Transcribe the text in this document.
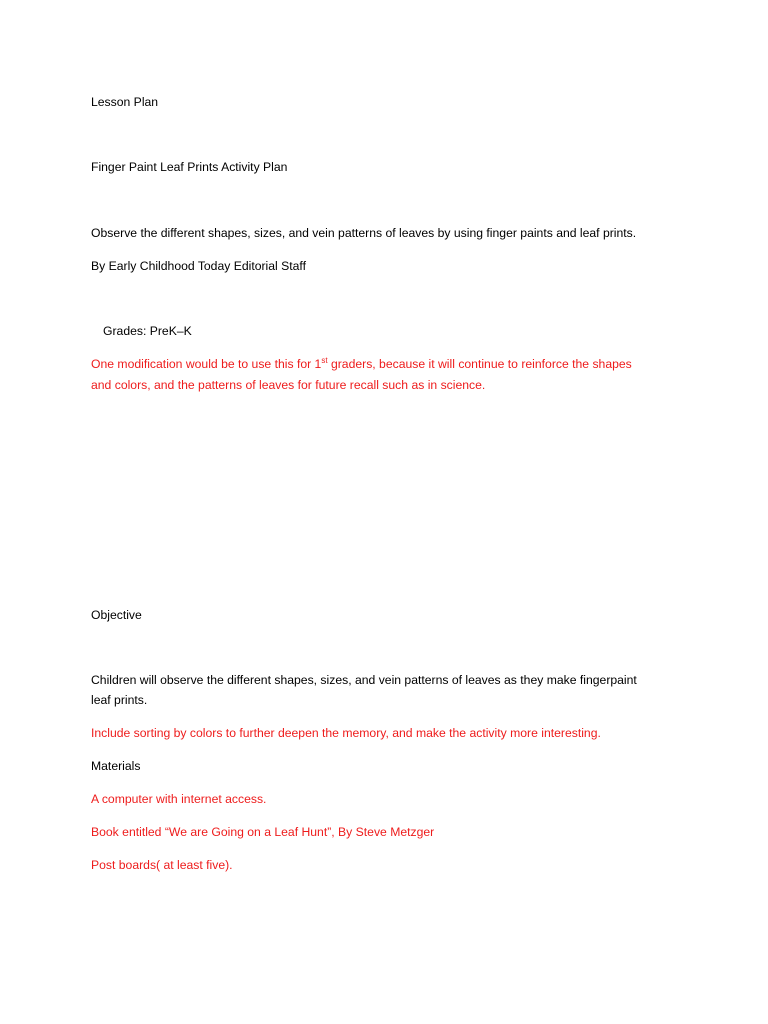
Lesson Plan
Finger Paint Leaf Prints Activity Plan
Observe the different shapes, sizes, and vein patterns of leaves by using finger paints and leaf prints.
By Early Childhood Today Editorial Staff
Grades: PreK–K
One modification would be to use this for 1st graders, because it will continue to reinforce the shapes
and colors, and the patterns of leaves for future recall such as in science.
Objective
Children will observe the different shapes, sizes, and vein patterns of leaves as they make fingerpaint
leaf prints.
Include sorting by colors to further deepen the memory, and make the activity more interesting.
Materials
A computer with internet access.
Book entitled “We are Going on a Leaf Hunt”, By Steve Metzger
Post boards( at least five).
